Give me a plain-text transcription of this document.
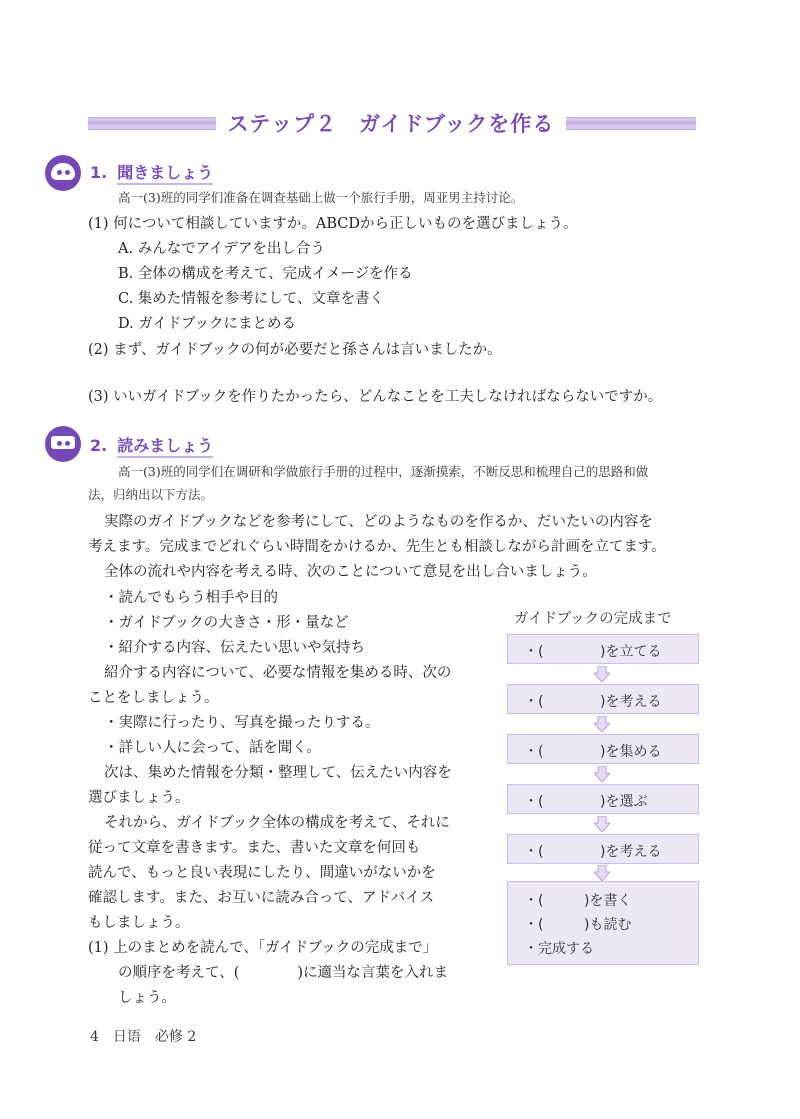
ステップ２　ガイドブックを作る
1. 聞きましょう
高一(3)班的同学们准备在调查基础上做一个旅行手册，周亚男主持讨论。
(1) 何について相談していますか。ABCDから正しいものを選びましょう。
A. みんなでアイデアを出し合う
B. 全体の構成を考えて、完成イメージを作る
C. 集めた情報を参考にして、文章を書く
D. ガイドブックにまとめる
(2) まず、ガイドブックの何が必要だと孫さんは言いましたか。
(3) いいガイドブックを作りたかったら、どんなことを工夫しなければならないですか。
2. 読みましょう
高一(3)班的同学们在调研和学做旅行手册的过程中，逐渐摸索，不断反思和梳理自己的思路和做
法，归纳出以下方法。
実際のガイドブックなどを参考にして、どのようなものを作るか、だいたいの内容を
考えます。完成までどれぐらい時間をかけるか、先生とも相談しながら計画を立てます。
全体の流れや内容を考える時、次のことについて意見を出し合いましょう。
・読んでもらう相手や目的
・ガイドブックの大きさ・形・量など
・紹介する内容、伝えたい思いや気持ち
紹介する内容について、必要な情報を集める時、次の
ことをしましょう。
・実際に行ったり、写真を撮ったりする。
・詳しい人に会って、話を聞く。
次は、集めた情報を分類・整理して、伝えたい内容を
選びましょう。
それから、ガイドブック全体の構成を考えて、それに
従って文章を書きます。また、書いた文章を何回も
読んで、もっと良い表現にしたり、間違いがないかを
確認します。また、お互いに読み合って、アドバイス
もしましょう。
(1) 上のまとめを読んで、「ガイドブックの完成まで」
の順序を考えて、(　　　　)に適当な言葉を入れま
しょう。
ガイドブックの完成まで
・(	)を立てる
・(	)を考える
・(	)を集める
・(	)を選ぶ
・(	)を考える
・(	)を書く
・(	)も読む
・完成する
4 日语　必修 2
